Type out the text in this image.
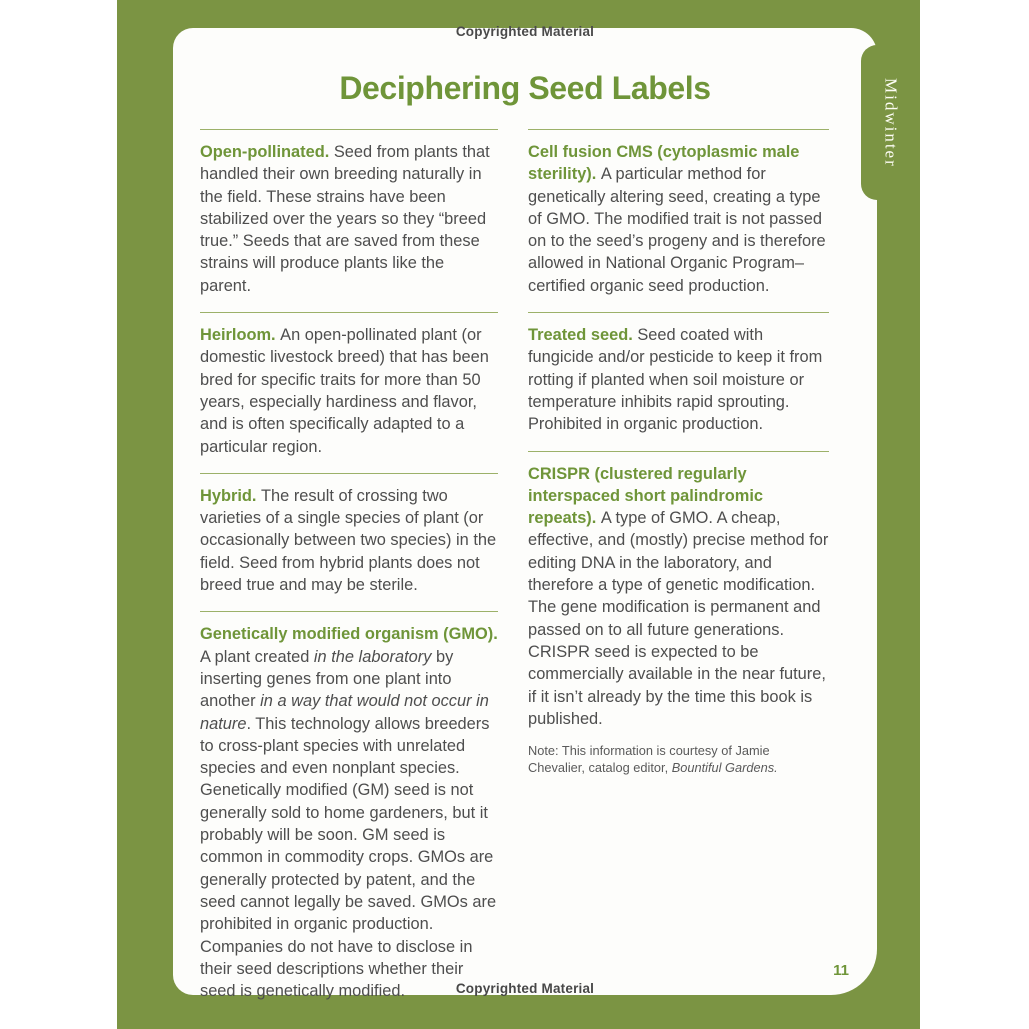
Copyrighted Material
Deciphering Seed Labels

Open-pollinated. Seed from plants that handled their own breeding naturally in the field. These strains have been stabilized over the years so they “breed true.” Seeds that are saved from these strains will produce plants like the parent.

Heirloom. An open-pollinated plant (or domestic livestock breed) that has been bred for specific traits for more than 50 years, especially hardiness and flavor, and is often specifically adapted to a particular region.

Hybrid. The result of crossing two varieties of a single species of plant (or occasionally between two species) in the field. Seed from hybrid plants does not breed true and may be sterile.

Genetically modified organism (GMO). A plant created in the laboratory by inserting genes from one plant into another in a way that would not occur in nature. This technology allows breeders to cross-plant species with unrelated species and even nonplant species. Genetically modified (GM) seed is not generally sold to home gardeners, but it probably will be soon. GM seed is common in commodity crops. GMOs are generally protected by patent, and the seed cannot legally be saved. GMOs are prohibited in organic production. Companies do not have to disclose in their seed descriptions whether their seed is genetically modified.

Cell fusion CMS (cytoplasmic male sterility). A particular method for genetically altering seed, creating a type of GMO. The modified trait is not passed on to the seed’s progeny and is therefore allowed in National Organic Program–certified organic seed production.

Treated seed. Seed coated with fungicide and/or pesticide to keep it from rotting if planted when soil moisture or temperature inhibits rapid sprouting. Prohibited in organic production.

CRISPR (clustered regularly interspaced short palindromic repeats). A type of GMO. A cheap, effective, and (mostly) precise method for editing DNA in the laboratory, and therefore a type of genetic modification. The gene modification is permanent and passed on to all future generations. CRISPR seed is expected to be commercially available in the near future, if it isn’t already by the time this book is published.

Note: This information is courtesy of Jamie Chevalier, catalog editor, Bountiful Gardens.

11
Midwinter
Copyrighted Material
